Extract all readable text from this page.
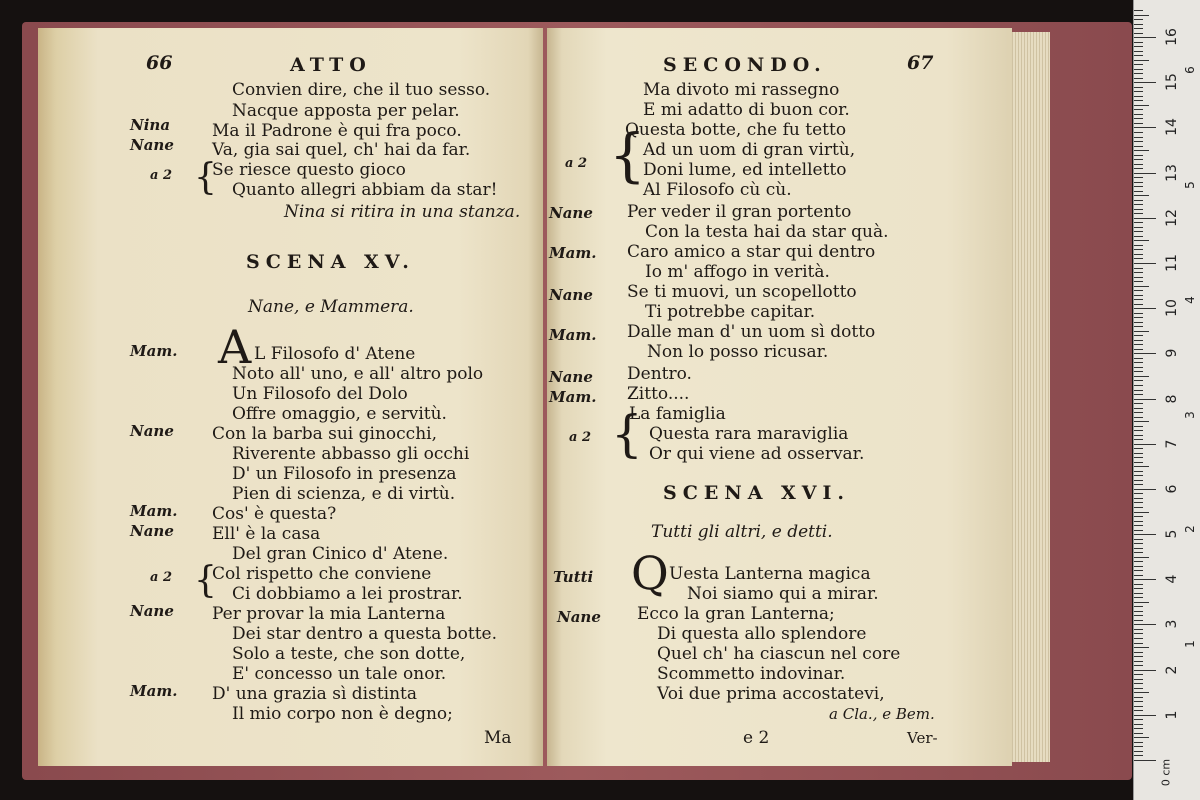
66	ATTO
Convien dire, che il tuo sesso.
Nacque apposta per pelar.
Nina Ma il Padrone è qui fra poco.
Nane Va, gia sai quel, ch' hai da far.
a 2 {
Se riesce questo gioco
Quanto allegri abbiam da star!
Nina si ritira in una stanza.
SCENA XV.
Nane, e Mammera.
Mam. A L Filosofo d' Atene
Noto all' uno, e all' altro polo
Un Filosofo del Dolo
Offre omaggio, e servitù.
Nane Con la barba sui ginocchi,
Riverente abbasso gli occhi
D' un Filosofo in presenza
Pien di scienza, e di virtù.
Mam. Cos' è questa?
Nane Ell' è la casa
Del gran Cinico d' Atene.
a 2 {
Col rispetto che conviene
Ci dobbiamo a lei prostrar.
Nane Per provar la mia Lanterna
Dei star dentro a questa botte.
Solo a teste, che son dotte,
E' concesso un tale onor.
Mam. D' una grazia sì distinta
Il mio corpo non è degno;
Ma
SECONDO.	67
Ma divoto mi rassegno
E mi adatto di buon cor.
a 2 {
Questa botte, che fu tetto
Ad un uom di gran virtù,
Doni lume, ed intelletto
Al Filosofo cù cù.
Nane Per veder il gran portento
Con la testa hai da star quà.
Mam. Caro amico a star qui dentro
Io m' affogo in verità.
Nane Se ti muovi, un scopellotto
Ti potrebbe capitar.
Mam. Dalle man d' un uom sì dotto
Non lo posso ricusar.
Nane Dentro.
Mam. Zitto....
a 2 {
La famiglia
Questa rara maraviglia
Or qui viene ad osservar.
SCENA XVI.
Tutti gli altri, e detti.
Tutti Q Uesta Lanterna magica
Noi siamo qui a mirar.
Nane Ecco la gran Lanterna;
Di questa allo splendore
Quel ch' ha ciascun nel core
Scommetto indovinar.
Voi due prima accostatevi,
a Cla., e Bem.
e 2	Ver-
16
15
14
13
12
11
10
9
8
7
6
5
4
3
2
1
6
5
4
3
2
1
0 cm
